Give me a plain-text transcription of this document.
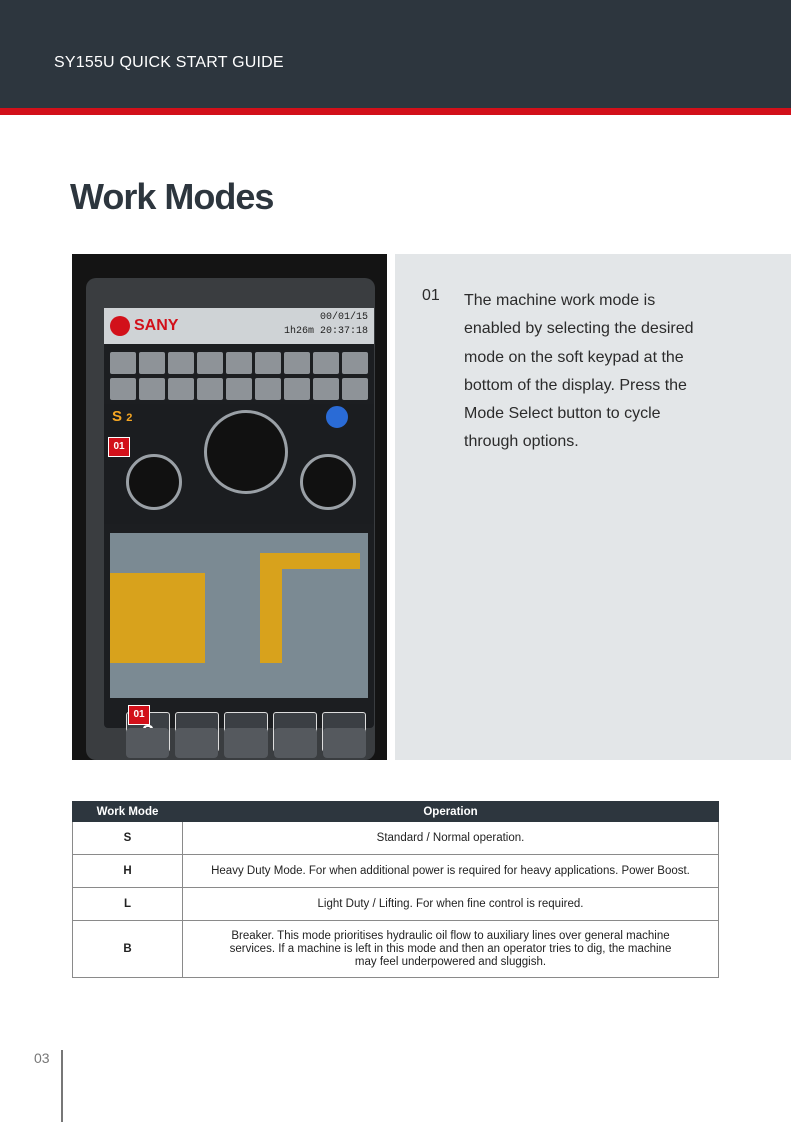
SY155U QUICK START GUIDE
Work Modes
SANY	00/01/15
1h26m 20:37:18
S 2
01
01
01 The machine work mode is enabled by selecting the desired mode on the soft keypad at the bottom of the display. Press the Mode Select button to cycle through options.
Work Mode	Operation
S	Standard / Normal operation.
H	Heavy Duty Mode. For when additional power is required for heavy applications. Power Boost.
L	Light Duty / Lifting. For when fine control is required.
B	Breaker. This mode prioritises hydraulic oil flow to auxiliary lines over general machine services. If a machine is left in this mode and then an operator tries to dig, the machine may feel underpowered and sluggish.
03
